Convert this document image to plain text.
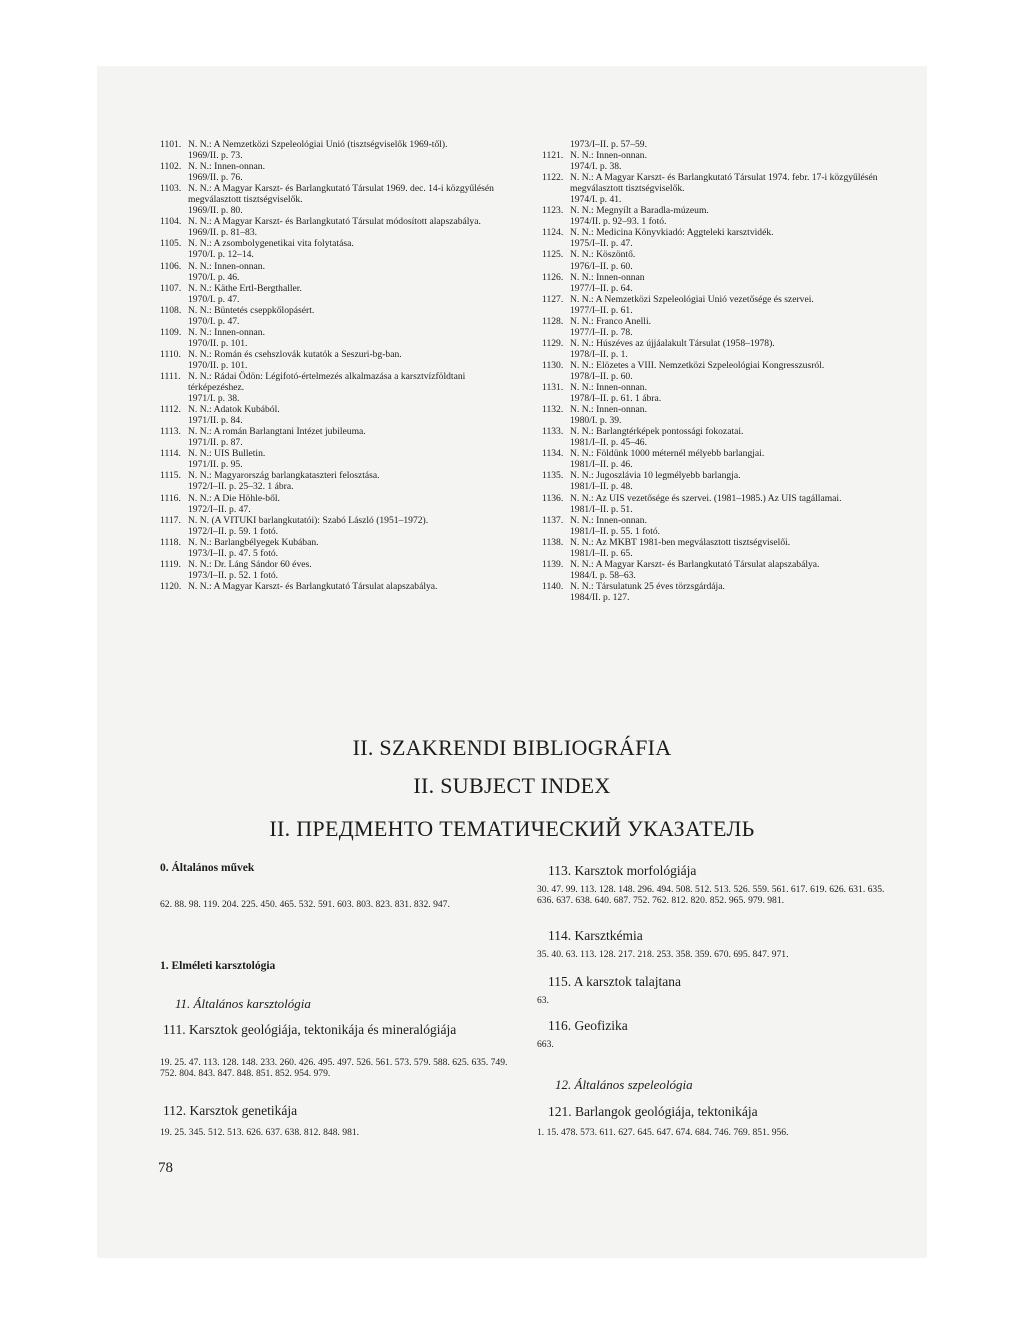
1101. N. N.: A Nemzetközi Szpeleológiai Unió (tisztségviselők 1969-től).
1969/II. p. 73.
1102. N. N.: Innen-onnan.
1969/II. p. 76.
1103. N. N.: A Magyar Karszt- és Barlangkutató Társulat 1969. dec. 14-i közgyűlésén megválasztott tisztségviselők.
1969/II. p. 80.
1104. N. N.: A Magyar Karszt- és Barlangkutató Társulat módosított alapszabálya.
1969/II. p. 81–83.
1105. N. N.: A zsombolygenetikai vita folytatása.
1970/I. p. 12–14.
1106. N. N.: Innen-onnan.
1970/I. p. 46.
1107. N. N.: Käthe Ertl-Bergthaller.
1970/I. p. 47.
1108. N. N.: Büntetés cseppkőlopásért.
1970/I. p. 47.
1109. N. N.: Innen-onnan.
1970/II. p. 101.
1110. N. N.: Román és csehszlovák kutatók a Seszuri-bg-ban.
1970/II. p. 101.
1111. N. N.: Rádai Ödön: Légifotó-értelmezés alkalmazása a karsztvízföldtani térképezéshez.
1971/I. p. 38.
1112. N. N.: Adatok Kubából.
1971/II. p. 84.
1113. N. N.: A román Barlangtani Intézet jubileuma.
1971/II. p. 87.
1114. N. N.: UIS Bulletin.
1971/II. p. 95.
1115. N. N.: Magyarország barlangkataszteri felosztása.
1972/I–II. p. 25–32. 1 ábra.
1116. N. N.: A Die Höhle-ből.
1972/I–II. p. 47.
1117. N. N. (A VITUKI barlangkutatói): Szabó László (1951–1972).
1972/I–II. p. 59. 1 fotó.
1118. N. N.: Barlangbélyegek Kubában.
1973/I–II. p. 47. 5 fotó.
1119. N. N.: Dr. Láng Sándor 60 éves.
1973/I–II. p. 52. 1 fotó.
1120. N. N.: A Magyar Karszt- és Barlangkutató Társulat alapszabálya.
1973/I–II. p. 57–59.
1121. N. N.: Innen-onnan.
1974/I. p. 38.
1122. N. N.: A Magyar Karszt- és Barlangkutató Társulat 1974. febr. 17-i közgyűlésén megválasztott tisztségviselők.
1974/I. p. 41.
1123. N. N.: Megnyílt a Baradla-múzeum.
1974/II. p. 92–93. 1 fotó.
1124. N. N.: Medicina Könyvkiadó: Aggteleki karsztvidék.
1975/I–II. p. 47.
1125. N. N.: Köszöntő.
1976/I–II. p. 60.
1126. N. N.: Innen-onnan
1977/I–II. p. 64.
1127. N. N.: A Nemzetközi Szpeleológiai Unió vezetősége és szervei.
1977/I–II. p. 61.
1128. N. N.: Franco Anelli.
1977/I–II. p. 78.
1129. N. N.: Húszéves az újjáalakult Társulat (1958–1978).
1978/I–II. p. 1.
1130. N. N.: Elözetes a VIII. Nemzetközi Szpeleológiai Kongresszusról.
1978/I–II. p. 60.
1131. N. N.: Innen-onnan.
1978/I–II. p. 61. 1 ábra.
1132. N. N.: Innen-onnan.
1980/I. p. 39.
1133. N. N.: Barlangtérképek pontossági fokozatai.
1981/I–II. p. 45–46.
1134. N. N.: Földünk 1000 méternél mélyebb barlangjai.
1981/I–II. p. 46.
1135. N. N.: Jugoszlávia 10 legmélyebb barlangja.
1981/I–II. p. 48.
1136. N. N.: Az UIS vezetősége és szervei. (1981–1985.) Az UIS tagállamai.
1981/I–II. p. 51.
1137. N. N.: Innen-onnan.
1981/I–II. p. 55. 1 fotó.
1138. N. N.: Az MKBT 1981-ben megválasztott tisztségviselői.
1981/I–II. p. 65.
1139. N. N.: A Magyar Karszt- és Barlangkutató Társulat alapszabálya.
1984/I. p. 58–63.
1140. N. N.: Társulatunk 25 éves törzsgárdája.
1984/II. p. 127.
II. SZAKRENDI BIBLIOGRÁFIA
II. SUBJECT INDEX
II. ПРЕДМЕНТО ТЕМАТИЧЕСКИЙ УКАЗАТЕЛЬ
0. Általános művek
62. 88. 98. 119. 204. 225. 450. 465. 532. 591. 603. 803. 823. 831. 832. 947.
1. Elméleti karsztológia
11. Általános karsztológia
111. Karsztok geológiája, tektonikája és mineralógiája
19. 25. 47. 113. 128. 148. 233. 260. 426. 495. 497. 526. 561. 573. 579. 588. 625. 635. 749. 752. 804. 843. 847. 848. 851. 852. 954. 979.
112. Karsztok genetikája
19. 25. 345. 512. 513. 626. 637. 638. 812. 848. 981.
113. Karsztok morfológiája
30. 47. 99. 113. 128. 148. 296. 494. 508. 512. 513. 526. 559. 561. 617. 619. 626. 631. 635. 636. 637. 638. 640. 687. 752. 762. 812. 820. 852. 965. 979. 981.
114. Karsztkémia
35. 40. 63. 113. 128. 217. 218. 253. 358. 359. 670. 695. 847. 971.
115. A karsztok talajtana
63.
116. Geofizika
663.
12. Általános szpeleológia
121. Barlangok geológiája, tektonikája
1. 15. 478. 573. 611. 627. 645. 647. 674. 684. 746. 769. 851. 956.
78
